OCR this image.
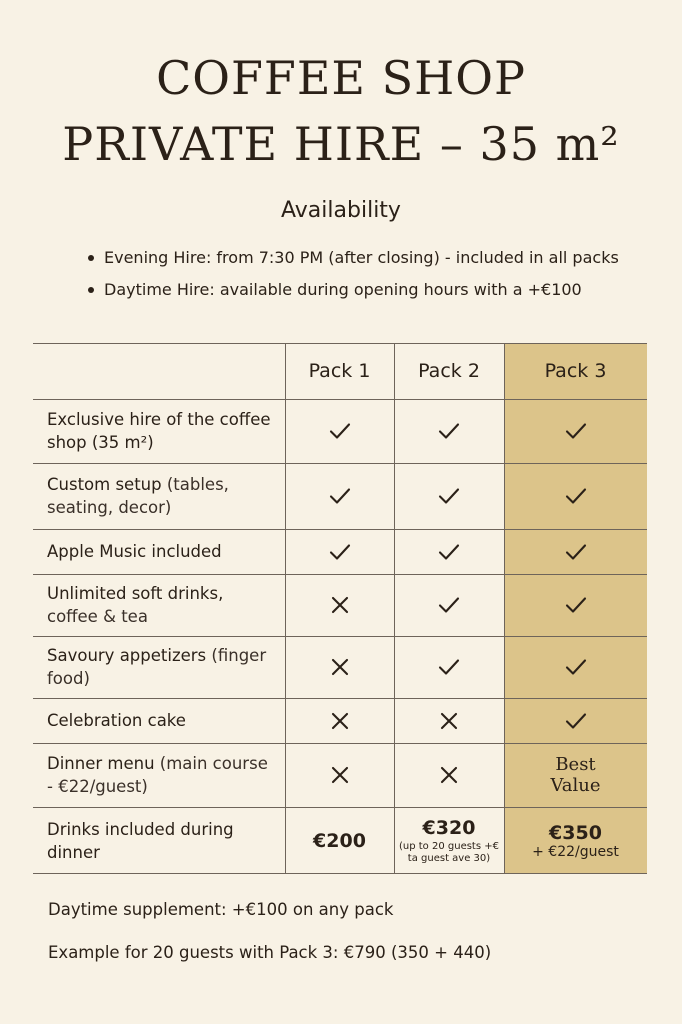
COFFEE SHOP
PRIVATE HIRE – 35 m²
Availability
Evening Hire: from 7:30 PM (after closing) - included in all packs
Daytime Hire: available during opening hours with a +€100
Pack 1	Pack 2	Pack 3
Exclusive hire of the coffee shop (35 m²)
Custom setup (tables, seating, decor)
Apple Music included
Unlimited soft drinks, coffee & tea
Savoury appetizers (finger food)
Celebration cake
Dinner menu (main course - €22/guest)
Best Value
Drinks included during dinner
€200
€320
(up to 20 guests +€ ta guest ave 30)
€350
+ €22/guest
Daytime supplement: +€100 on any pack
Example for 20 guests with Pack 3: €790 (350 + 440)
